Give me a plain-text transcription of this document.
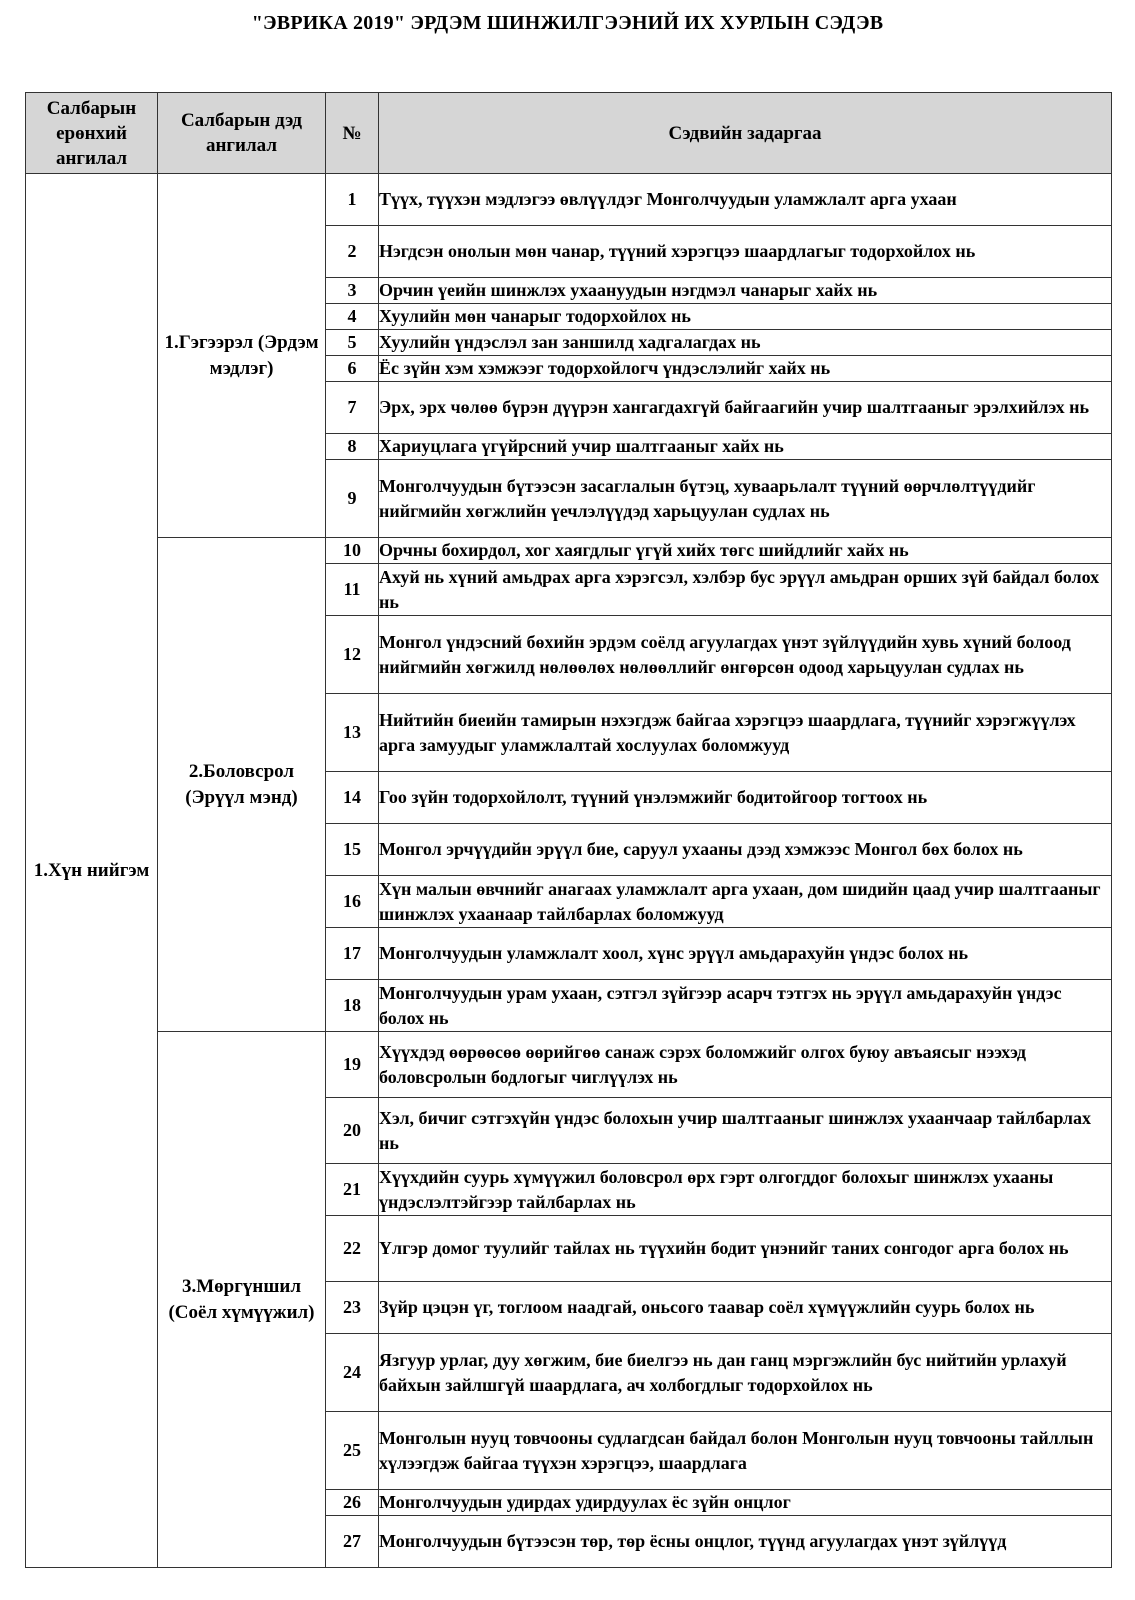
"ЭВРИКА 2019" ЭРДЭМ ШИНЖИЛГЭЭНИЙ ИХ ХУРЛЫН СЭДЭВ
Салбарын ерөнхий ангилал	Салбарын дэд ангилал	№	Сэдвийн задаргаа
1.Хүн нийгэм	1.Гэгээрэл (Эрдэм мэдлэг)	1	Түүх, түүхэн мэдлэгээ өвлүүлдэг Монголчуудын уламжлалт арга ухаан
		2	Нэгдсэн онолын мөн чанар, түүний хэрэгцээ шаардлагыг тодорхойлох нь
		3	Орчин үеийн шинжлэх ухаануудын нэгдмэл чанарыг хайх нь
		4	Хуулийн мөн чанарыг тодорхойлох нь
		5	Хуулийн үндэслэл зан заншилд хадгалагдах нь
		6	Ёс зүйн хэм хэмжээг тодорхойлогч үндэслэлийг хайх нь
		7	Эрх, эрх чөлөө бүрэн дүүрэн хангагдахгүй байгаагийн учир шалтгааныг эрэлхийлэх нь
		8	Хариуцлага үгүйрсний учир шалтгааныг хайх нь
		9	Монголчуудын бүтээсэн засаглалын бүтэц, хуваарьлалт түүний өөрчлөлтүүдийг нийгмийн хөгжлийн үечлэлүүдэд харьцуулан судлах нь
	2.Боловсрол (Эрүүл мэнд)	10	Орчны бохирдол, хог хаягдлыг үгүй хийх төгс шийдлийг хайх нь
		11	Ахуй нь хүний амьдрах арга хэрэгсэл, хэлбэр бус эрүүл амьдран орших зүй байдал болох нь
		12	Монгол үндэсний бөхийн эрдэм соёлд агуулагдах үнэт зүйлүүдийн хувь хүний болоод нийгмийн хөгжилд нөлөөлөх нөлөөллийг өнгөрсөн одоод харьцуулан судлах нь
		13	Нийтийн биеийн тамирын нэхэгдэж байгаа хэрэгцээ шаардлага, түүнийг хэрэгжүүлэх арга замуудыг уламжлалтай хослуулах боломжууд
		14	Гоо зүйн тодорхойлолт, түүний үнэлэмжийг бодитойгоор тогтоох нь
		15	Монгол эрчүүдийн эрүүл бие, саруул ухааны дээд хэмжээс Монгол бөх болох нь
		16	Хүн малын өвчнийг анагаах уламжлалт арга ухаан, дом шидийн цаад учир шалтгааныг шинжлэх ухаанаар тайлбарлах боломжууд
		17	Монголчуудын уламжлалт хоол, хүнс эрүүл амьдарахуйн үндэс болох нь
		18	Монголчуудын урам ухаан, сэтгэл зүйгээр асарч тэтгэх нь эрүүл амьдарахуйн үндэс болох нь
	3.Мөргүншил (Соёл хүмүүжил)	19	Хүүхдэд өөрөөсөө өөрийгөө санаж сэрэх боломжийг олгох буюу авъаясыг нээхэд боловсролын бодлогыг чиглүүлэх нь
		20	Хэл, бичиг сэтгэхүйн үндэс болохын учир шалтгааныг шинжлэх ухаанчаар тайлбарлах нь
		21	Хүүхдийн суурь хүмүүжил боловсрол өрх гэрт олгогддог болохыг шинжлэх ухааны үндэслэлтэйгээр тайлбарлах нь
		22	Үлгэр домог туулийг тайлах нь түүхийн бодит үнэнийг таних сонгодог арга болох нь
		23	Зүйр цэцэн үг, тоглоом наадгай, оньсого таавар соёл хүмүүжлийн суурь болох нь
		24	Язгуур урлаг, дуу хөгжим, бие биелгээ нь дан ганц мэргэжлийн бус нийтийн урлахуй байхын зайлшгүй шаардлага, ач холбогдлыг тодорхойлох нь
		25	Монголын нууц товчооны судлагдсан байдал болон Монголын нууц товчооны тайллын хүлээгдэж байгаа түүхэн хэрэгцээ, шаардлага
		26	Монголчуудын удирдах удирдуулах ёс зүйн онцлог
		27	Монголчуудын бүтээсэн төр, төр ёсны онцлог, түүнд агуулагдах үнэт зүйлүүд
